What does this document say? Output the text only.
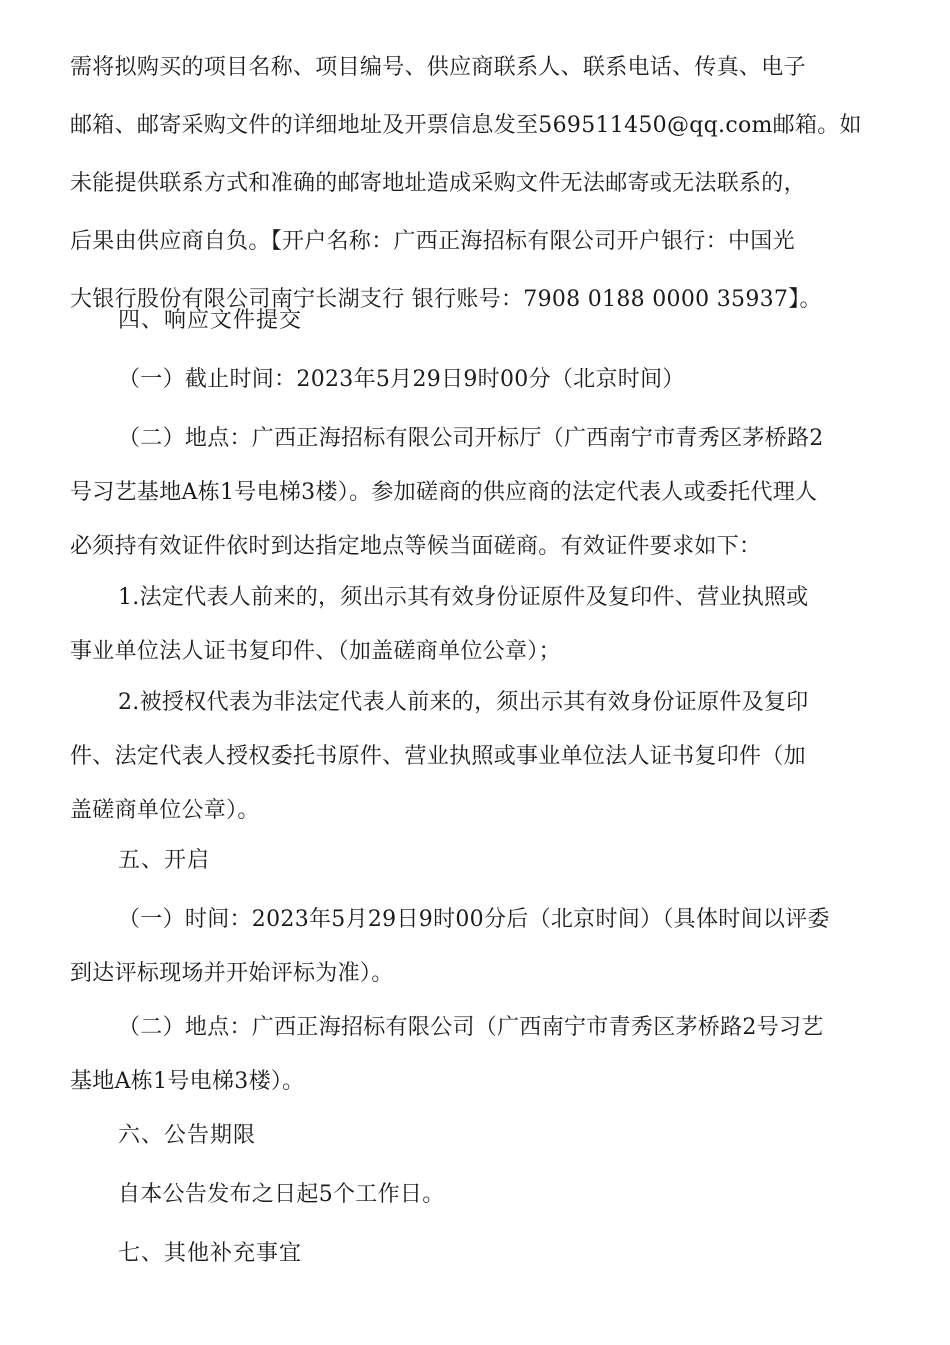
需将拟购买的项目名称、项目编号、供应商联系人、联系电话、传真、电子
邮箱、邮寄采购文件的详细地址及开票信息发至569511450@qq.com邮箱。如
未能提供联系方式和准确的邮寄地址造成采购文件无法邮寄或无法联系的，
后果由供应商自负。【开户名称：广西正海招标有限公司开户银行：中国光
大银行股份有限公司南宁长湖支行 银行账号：7908 0188 0000 35937】。
四、响应文件提交
（一）截止时间：2023年5月29日9时00分（北京时间）
（二）地点：广西正海招标有限公司开标厅（广西南宁市青秀区茅桥路2
号习艺基地A栋1号电梯3楼）。参加磋商的供应商的法定代表人或委托代理人
必须持有效证件依时到达指定地点等候当面磋商。有效证件要求如下：
1.法定代表人前来的，须出示其有效身份证原件及复印件、营业执照或
事业单位法人证书复印件、（加盖磋商单位公章）；
2.被授权代表为非法定代表人前来的，须出示其有效身份证原件及复印
件、法定代表人授权委托书原件、营业执照或事业单位法人证书复印件（加
盖磋商单位公章）。
五、开启
（一）时间：2023年5月29日9时00分后（北京时间）（具体时间以评委
到达评标现场并开始评标为准）。
（二）地点：广西正海招标有限公司（广西南宁市青秀区茅桥路2号习艺
基地A栋1号电梯3楼）。
六、公告期限
自本公告发布之日起5个工作日。
七、其他补充事宜
